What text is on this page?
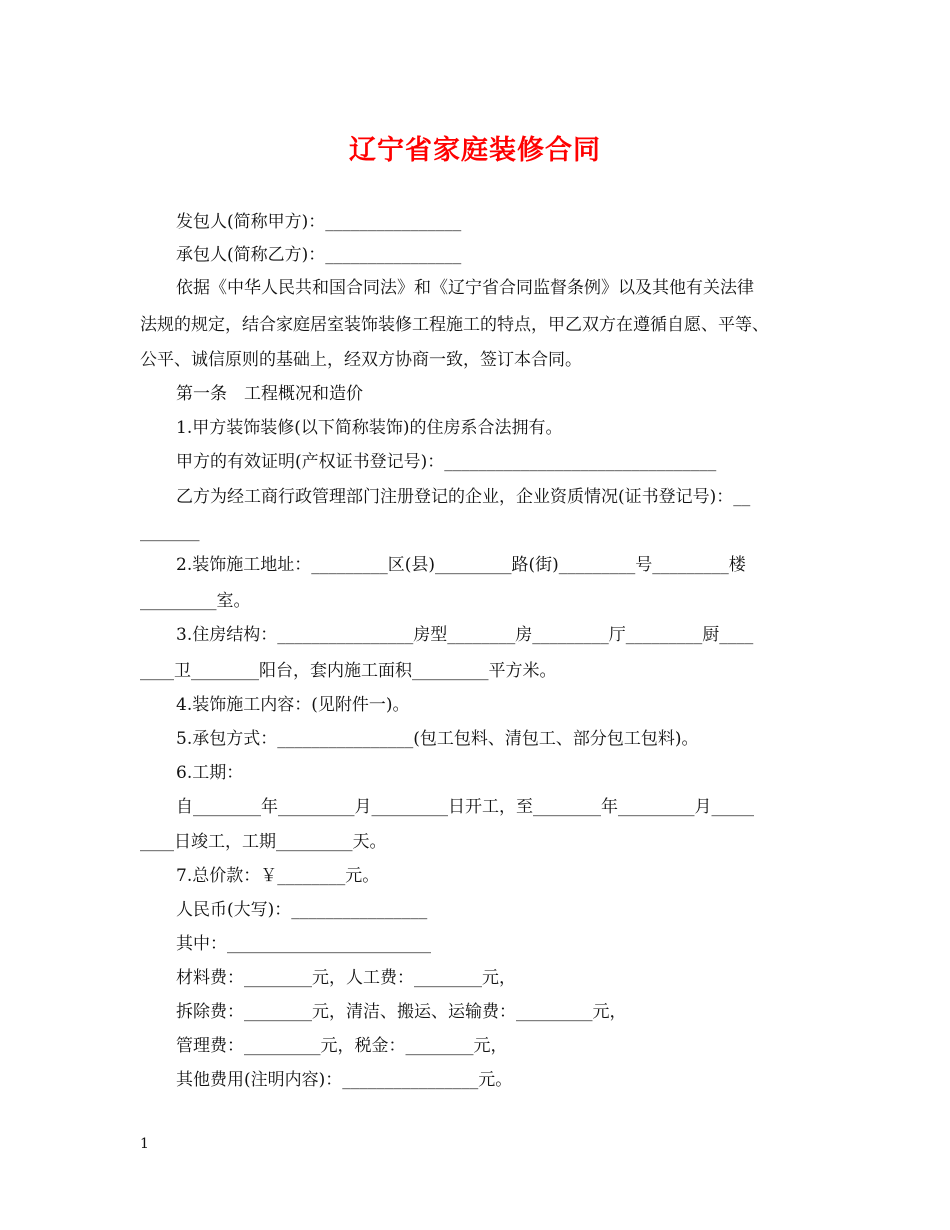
辽宁省家庭装修合同
发包人(简称甲方)：________________
承包人(简称乙方)：________________
依据《中华人民共和国合同法》和《辽宁省合同监督条例》以及其他有关法律
法规的规定，结合家庭居室装饰装修工程施工的特点，甲乙双方在遵循自愿、平等、
公平、诚信原则的基础上，经双方协商一致，签订本合同。
第一条　工程概况和造价
1.甲方装饰装修(以下简称装饰)的住房系合法拥有。
甲方的有效证明(产权证书登记号)：________________________________
乙方为经工商行政管理部门注册登记的企业，企业资质情况(证书登记号)：__
_______
2.装饰施工地址：_________区(县)_________路(街)_________号_________楼
_________室。
3.住房结构：________________房型________房_________厅_________厨____
____卫________阳台，套内施工面积_________平方米。
4.装饰施工内容：(见附件一)。
5.承包方式：________________(包工包料、清包工、部分包工包料)。
6.工期：
自________年_________月_________日开工，至________年_________月_____
____日竣工，工期_________天。
7.总价款：￥________元。
人民币(大写)：________________
其中：________________________
材料费：________元，人工费：________元，
拆除费：________元，清洁、搬运、运输费：_________元，
管理费：_________元，税金：________元，
其他费用(注明内容)：________________元。
1
